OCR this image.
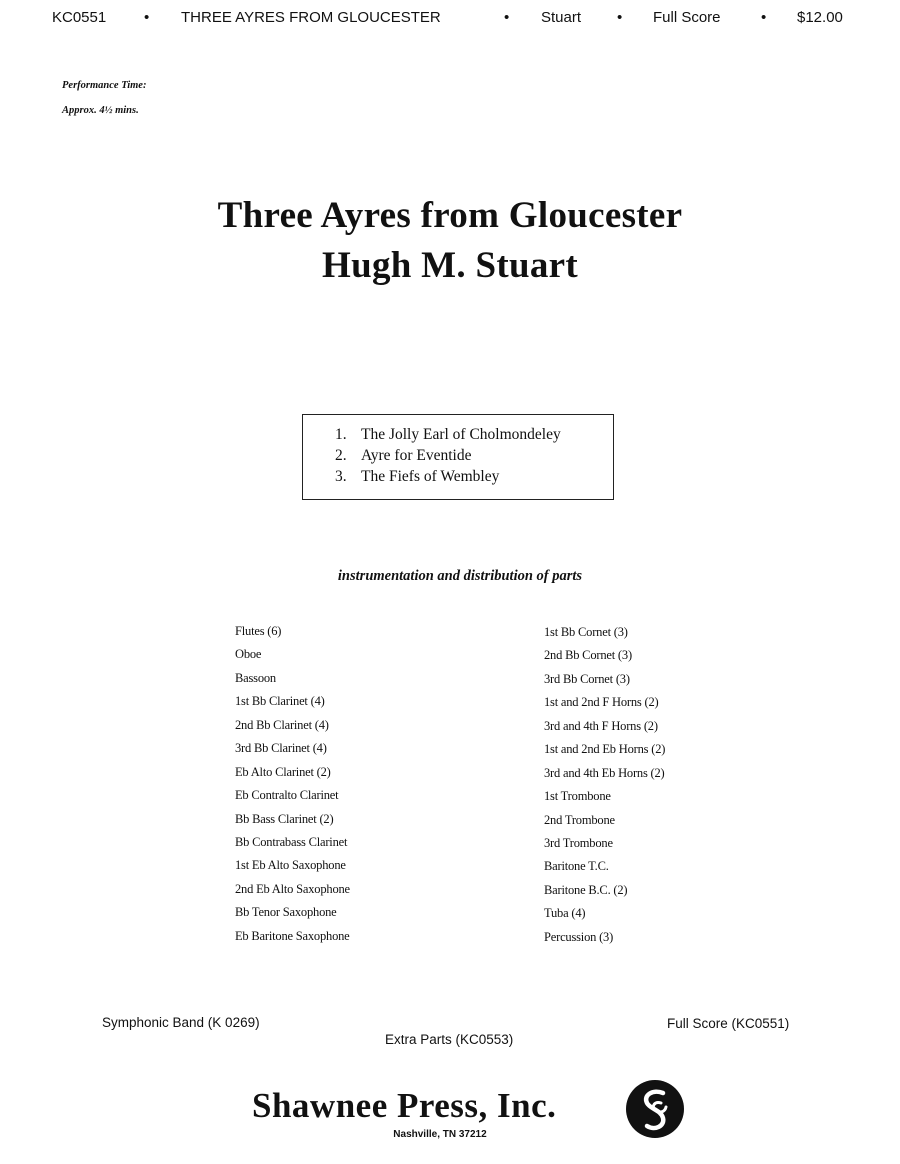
KC0551	• THREE AYRES FROM GLOUCESTER	• Stuart • Full Score	• $12.00
Performance Time:
Approx. 4½ mins.
Three Ayres from Gloucester
Hugh M. Stuart
1. The Jolly Earl of Cholmondeley
2. Ayre for Eventide
3. The Fiefs of Wembley
instrumentation and distribution of parts
Flutes (6)
Oboe
Bassoon
1st Bb Clarinet (4)
2nd Bb Clarinet (4)
3rd Bb Clarinet (4)
Eb Alto Clarinet (2)
Eb Contralto Clarinet
Bb Bass Clarinet (2)
Bb Contrabass Clarinet
1st Eb Alto Saxophone
2nd Eb Alto Saxophone
Bb Tenor Saxophone
Eb Baritone Saxophone
1st Bb Cornet (3)
2nd Bb Cornet (3)
3rd Bb Cornet (3)
1st and 2nd F Horns (2)
3rd and 4th F Horns (2)
1st and 2nd Eb Horns (2)
3rd and 4th Eb Horns (2)
1st Trombone
2nd Trombone
3rd Trombone
Baritone T.C.
Baritone B.C. (2)
Tuba (4)
Percussion (3)
Symphonic Band (K 0269)
Extra Parts (KC0553)
Full Score (KC0551)
Shawnee Press, Inc.
Nashville, TN 37212
